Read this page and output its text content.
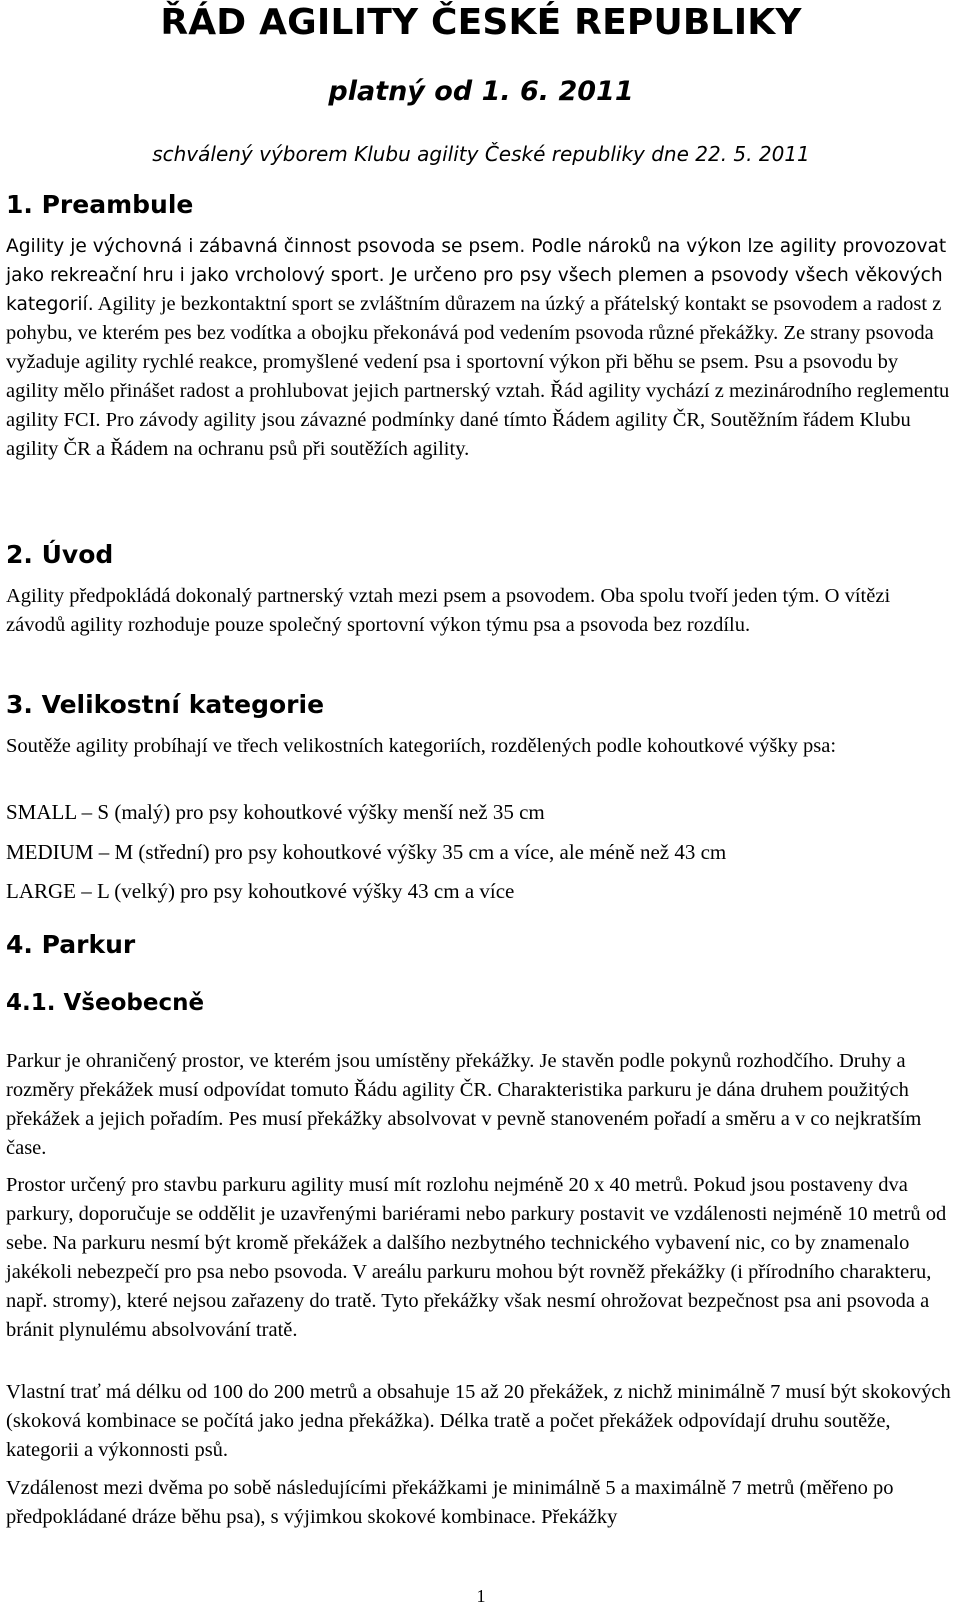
ŘÁD AGILITY ČESKÉ REPUBLIKY
platný od 1. 6. 2011
schválený výborem Klubu agility České republiky dne 22. 5. 2011
1. Preambule

Agility je výchovná i zábavná činnost psovoda se psem. Podle nároků na výkon lze agility provozovat jako rekreační hru i jako vrcholový sport. Je určeno pro psy všech plemen a psovody všech věkových kategorií. Agility je bezkontaktní sport se zvláštním důrazem na úzký a přátelský kontakt se psovodem a radost z pohybu, ve kterém pes bez vodítka a obojku překonává pod vedením psovoda různé překážky. Ze strany psovoda vyžaduje agility rychlé reakce, promyšlené vedení psa i sportovní výkon při běhu se psem. Psu a psovodu by agility mělo přinášet radost a prohlubovat jejich partnerský vztah. Řád agility vychází z mezinárodního reglementu agility FCI. Pro závody agility jsou závazné podmínky dané tímto Řádem agility ČR, Soutěžním řádem Klubu agility ČR a Řádem na ochranu psů při soutěžích agility.

2. Úvod

Agility předpokládá dokonalý partnerský vztah mezi psem a psovodem. Oba spolu tvoří jeden tým. O vítězi závodů agility rozhoduje pouze společný sportovní výkon týmu psa a psovoda bez rozdílu.

3. Velikostní kategorie

Soutěže agility probíhají ve třech velikostních kategoriích, rozdělených podle kohoutkové výšky psa:

SMALL – S (malý) pro psy kohoutkové výšky menší než 35 cm
MEDIUM – M (střední) pro psy kohoutkové výšky 35 cm a více, ale méně než 43 cm
LARGE – L (velký) pro psy kohoutkové výšky 43 cm a více
4. Parkur
4.1. Všeobecně

Parkur je ohraničený prostor, ve kterém jsou umístěny překážky. Je stavěn podle pokynů rozhodčího. Druhy a rozměry překážek musí odpovídat tomuto Řádu agility ČR. Charakteristika parkuru je dána druhem použitých překážek a jejich pořadím. Pes musí překážky absolvovat v pevně stanoveném pořadí a směru a v co nejkratším čase.

Prostor určený pro stavbu parkuru agility musí mít rozlohu nejméně 20 x 40 metrů. Pokud jsou postaveny dva parkury, doporučuje se oddělit je uzavřenými bariérami nebo parkury postavit ve vzdálenosti nejméně 10 metrů od sebe. Na parkuru nesmí být kromě překážek a dalšího nezbytného technického vybavení nic, co by znamenalo jakékoli nebezpečí pro psa nebo psovoda. V areálu parkuru mohou být rovněž překážky (i přírodního charakteru, např. stromy), které nejsou zařazeny do tratě. Tyto překážky však nesmí ohrožovat bezpečnost psa ani psovoda a bránit plynulému absolvování tratě.

Vlastní trať má délku od 100 do 200 metrů a obsahuje 15 až 20 překážek, z nichž minimálně 7 musí být skokových (skoková kombinace se počítá jako jedna překážka). Délka tratě a počet překážek odpovídají druhu soutěže, kategorii a výkonnosti psů.

Vzdálenost mezi dvěma po sobě následujícími překážkami je minimálně 5 a maximálně 7 metrů (měřeno po předpokládané dráze běhu psa), s výjimkou skokové kombinace. Překážky

1
